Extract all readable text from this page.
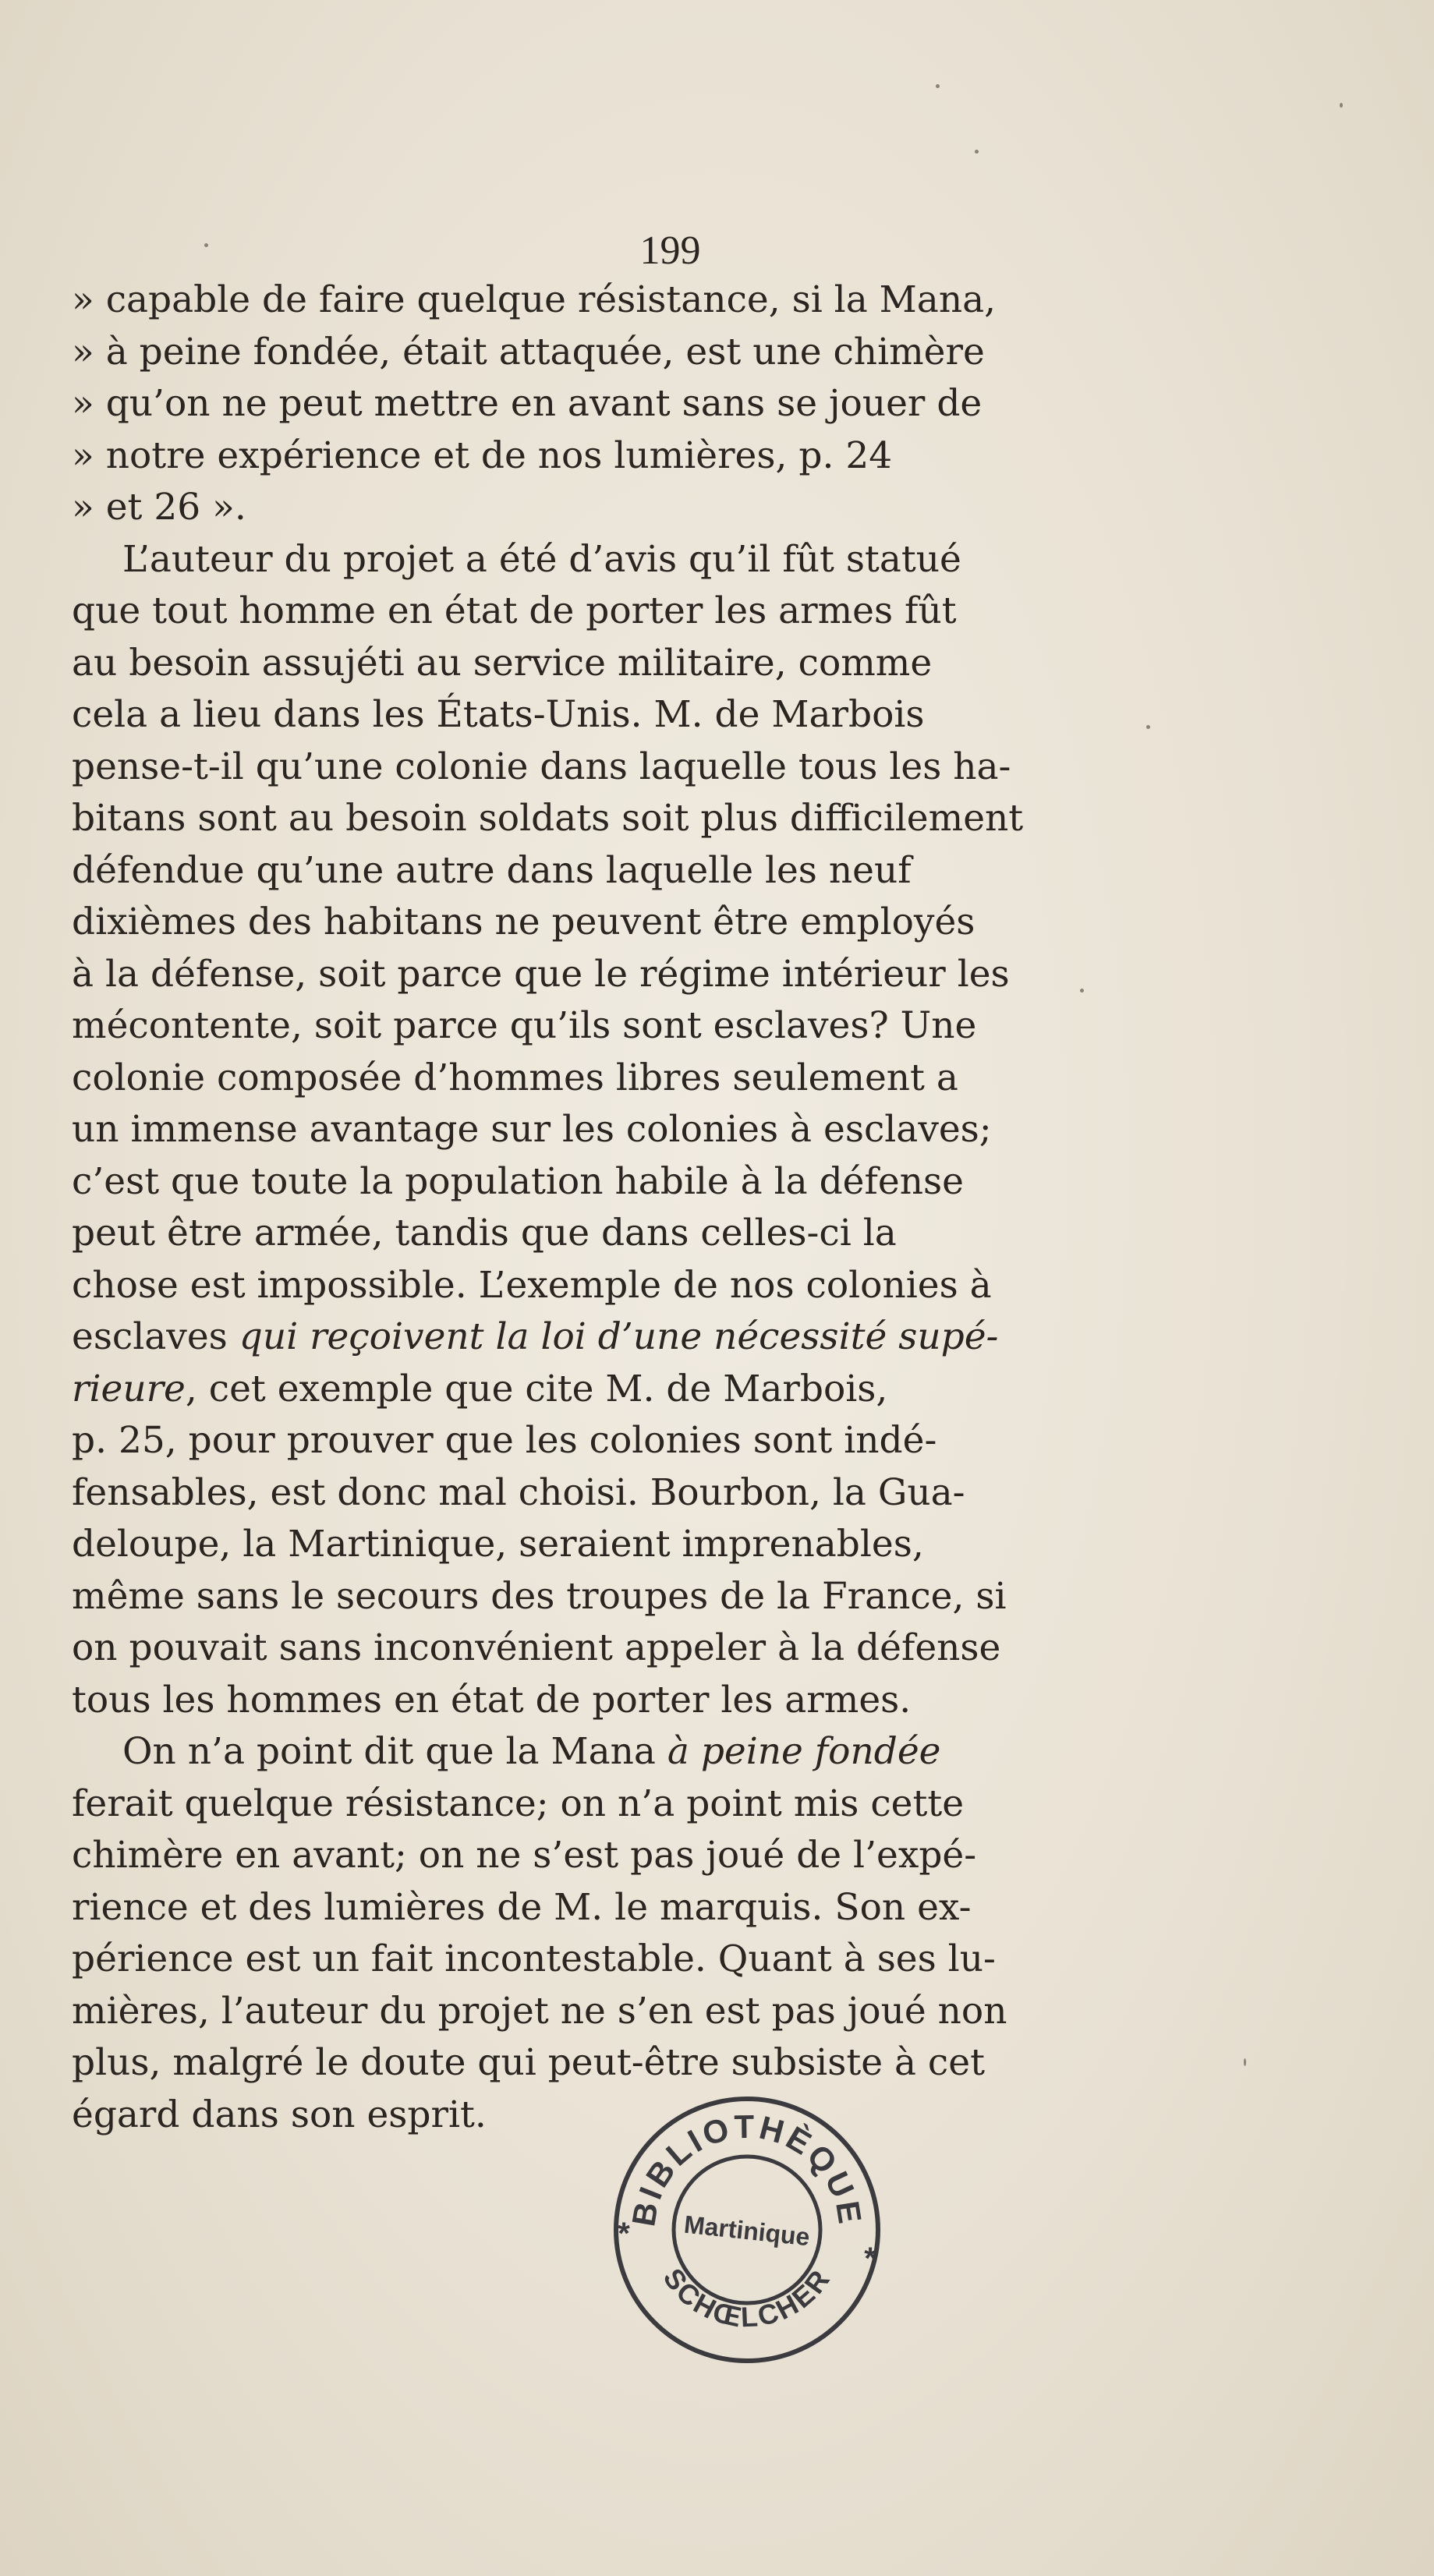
199
» capable de faire quelque résistance, si la Mana,
» à peine fondée, était attaquée, est une chimère
» qu’on ne peut mettre en avant sans se jouer de
» notre expérience et de nos lumières, p. 24
» et 26 ».
L’auteur du projet a été d’avis qu’il fût statué
que tout homme en état de porter les armes fût
au besoin assujéti au service militaire, comme
cela a lieu dans les États-Unis. M. de Marbois
pense-t-il qu’une colonie dans laquelle tous les ha-
bitans sont au besoin soldats soit plus difficilement
défendue qu’une autre dans laquelle les neuf
dixièmes des habitans ne peuvent être employés
à la défense, soit parce que le régime intérieur les
mécontente, soit parce qu’ils sont esclaves? Une
colonie composée d’hommes libres seulement a
un immense avantage sur les colonies à esclaves;
c’est que toute la population habile à la défense
peut être armée, tandis que dans celles-ci la
chose est impossible. L’exemple de nos colonies à
esclaves qui reçoivent la loi d’une nécessité supé-
rieure, cet exemple que cite M. de Marbois,
p. 25, pour prouver que les colonies sont indé-
fensables, est donc mal choisi. Bourbon, la Gua-
deloupe, la Martinique, seraient imprenables,
même sans le secours des troupes de la France, si
on pouvait sans inconvénient appeler à la défense
tous les hommes en état de porter les armes.
On n’a point dit que la Mana à peine fondée
ferait quelque résistance; on n’a point mis cette
chimère en avant; on ne s’est pas joué de l’expé-
rience et des lumières de M. le marquis. Son ex-
périence est un fait incontestable. Quant à ses lu-
mières, l’auteur du projet ne s’en est pas joué non
plus, malgré le doute qui peut-être subsiste à cet
égard dans son esprit.
BIBLIOTHÈQUE
SCHŒLCHER
Martinique
*
*
